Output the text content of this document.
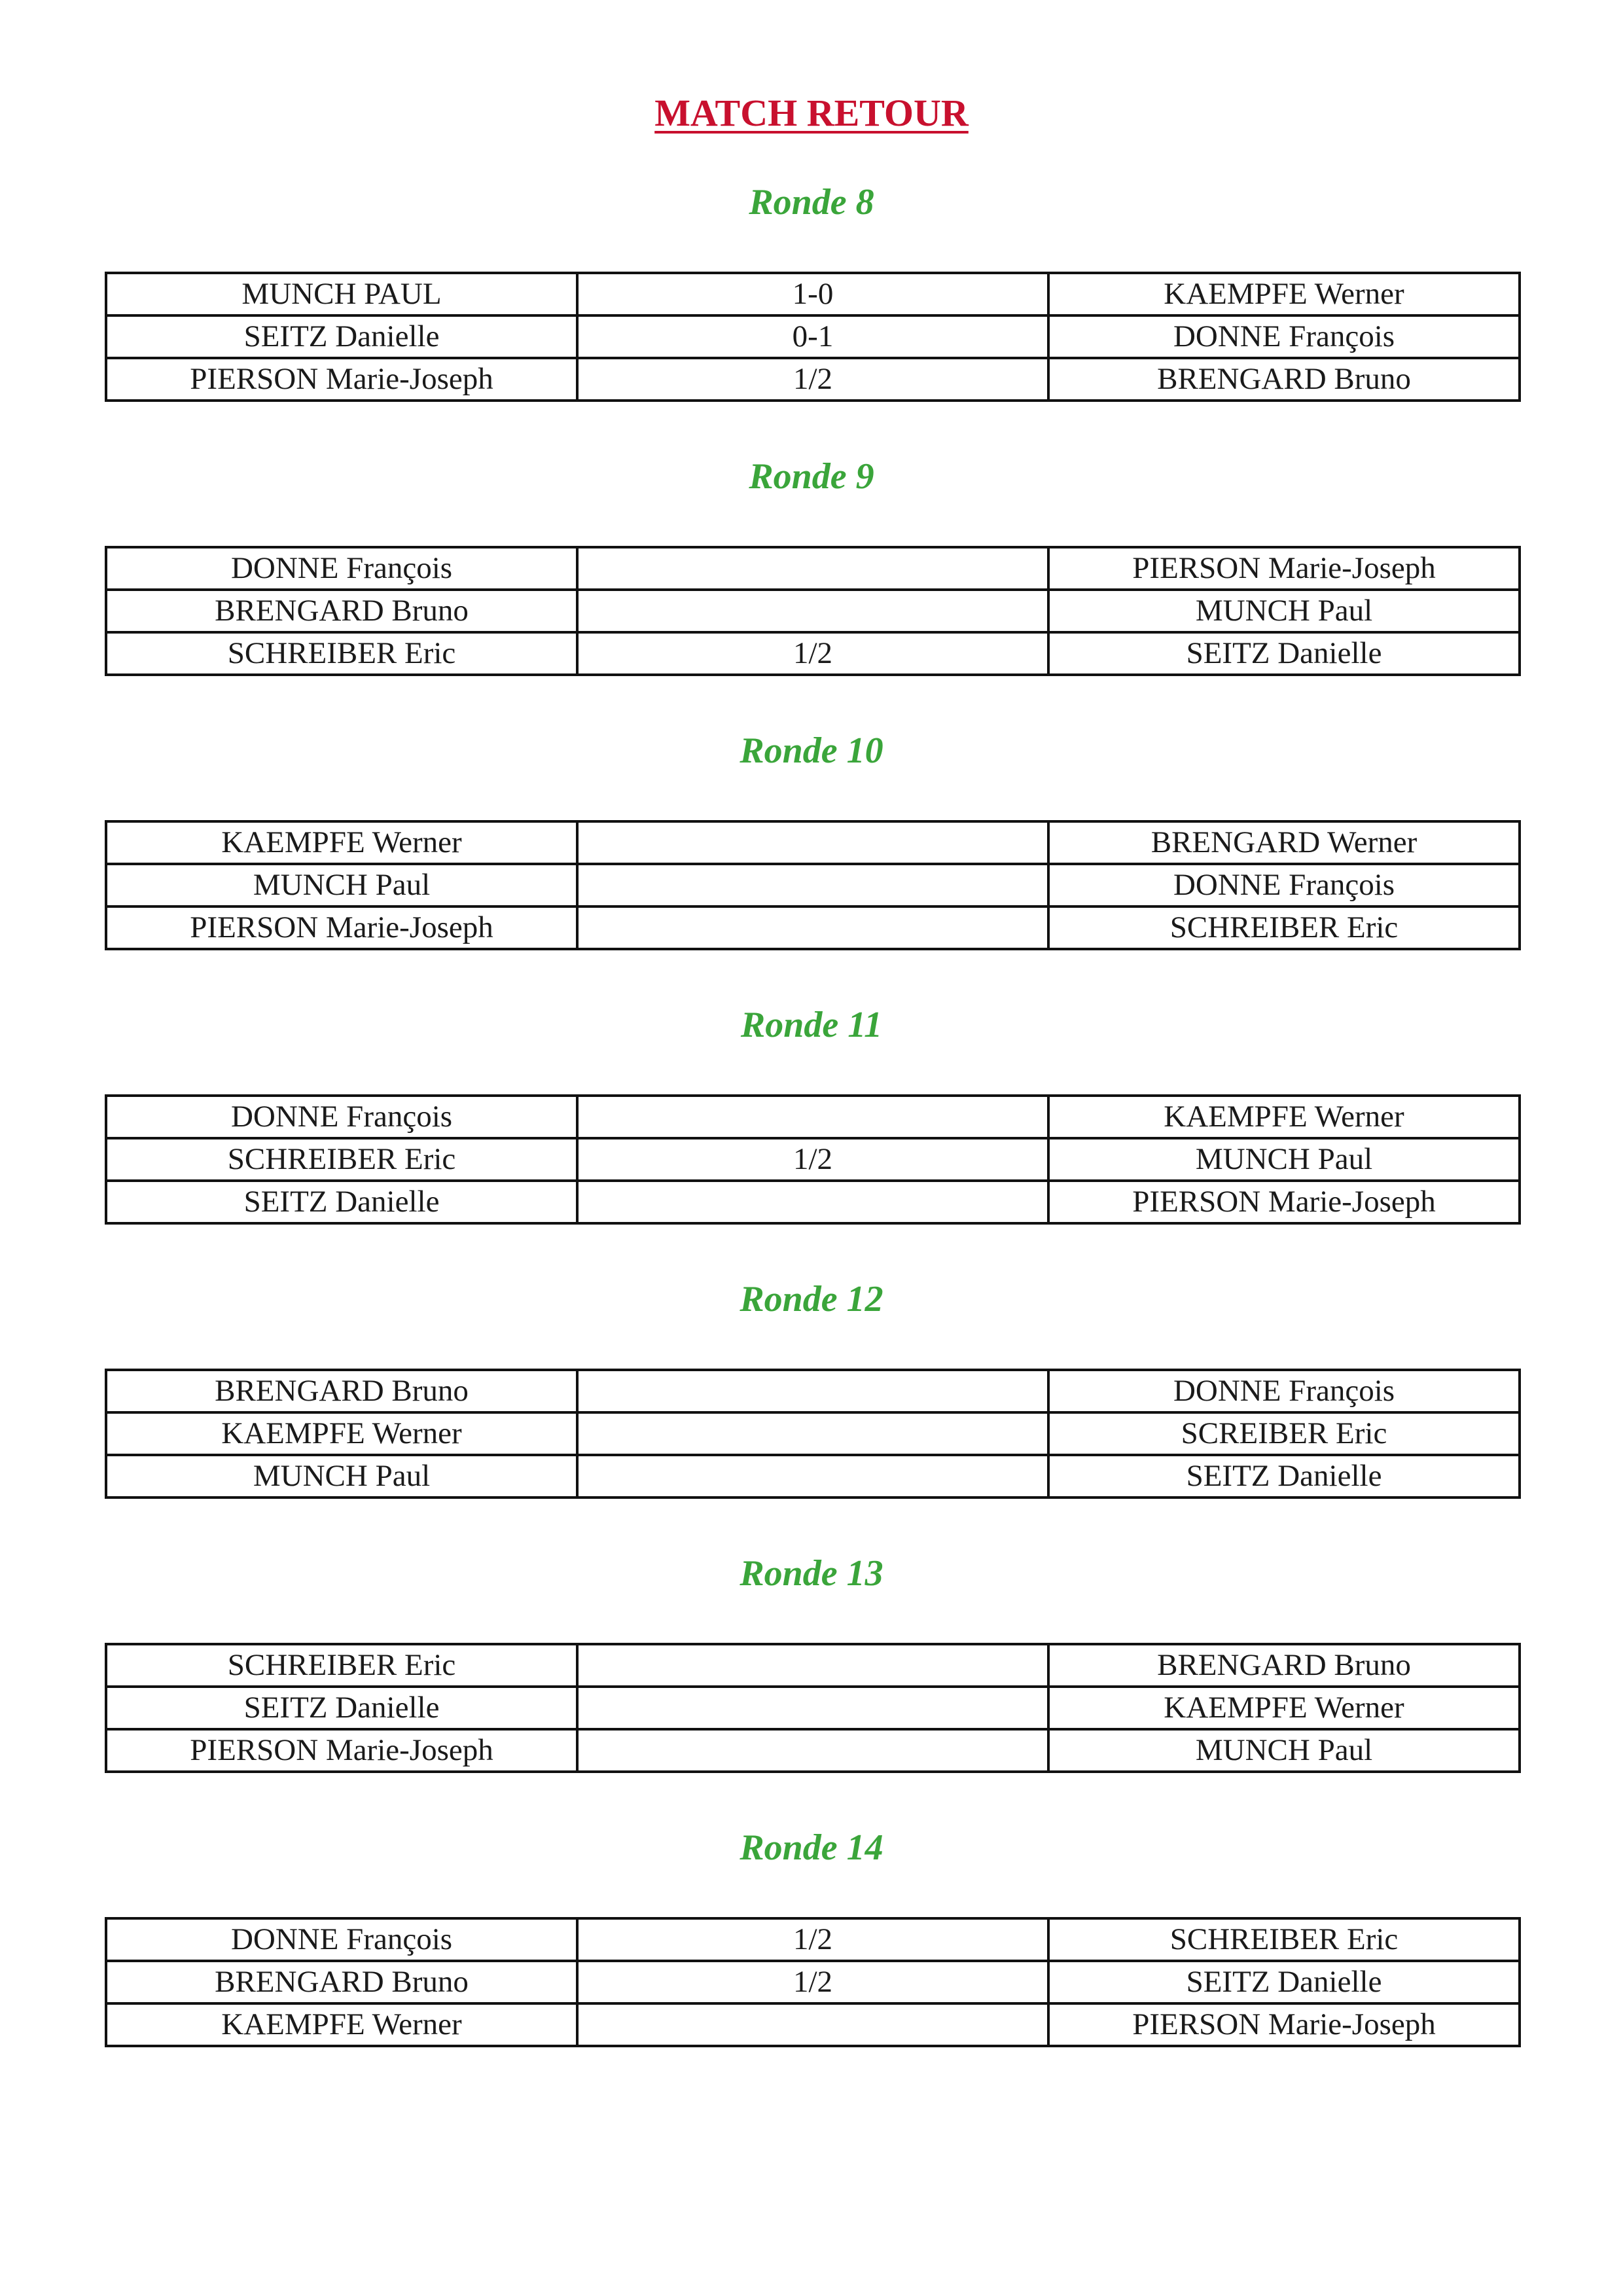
MATCH RETOUR
Ronde 8
MUNCH PAUL	1-0	KAEMPFE Werner
SEITZ Danielle	0-1	DONNE François
PIERSON Marie-Joseph	1/2	BRENGARD Bruno
Ronde 9
DONNE François		PIERSON Marie-Joseph
BRENGARD Bruno		MUNCH Paul
SCHREIBER Eric	1/2	SEITZ Danielle
Ronde 10
KAEMPFE Werner		BRENGARD Werner
MUNCH Paul		DONNE François
PIERSON Marie-Joseph		SCHREIBER Eric
Ronde 11
DONNE François		KAEMPFE Werner
SCHREIBER Eric	1/2	MUNCH Paul
SEITZ Danielle		PIERSON Marie-Joseph
Ronde 12
BRENGARD Bruno		DONNE François
KAEMPFE Werner		SCREIBER Eric
MUNCH Paul		SEITZ Danielle
Ronde 13
SCHREIBER Eric		BRENGARD Bruno
SEITZ Danielle		KAEMPFE Werner
PIERSON Marie-Joseph		MUNCH Paul
Ronde 14
DONNE François	1/2	SCHREIBER Eric
BRENGARD Bruno	1/2	SEITZ Danielle
KAEMPFE Werner		PIERSON Marie-Joseph
